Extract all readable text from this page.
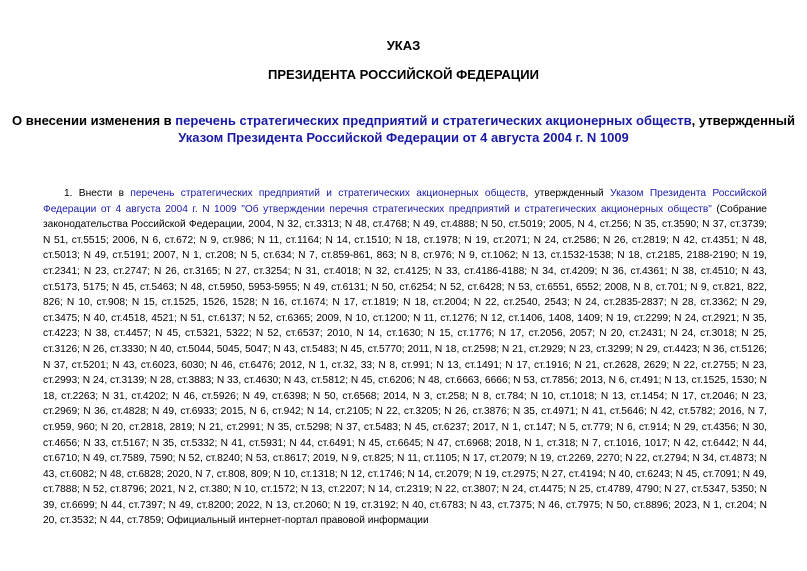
УКАЗ

ПРЕЗИДЕНТА РОССИЙСКОЙ ФЕДЕРАЦИИ

О внесении изменения в перечень стратегических предприятий и стратегических акционерных обществ, утвержденный
Указом Президента Российской Федерации от 4 августа 2004 г. N 1009

1. Внести в перечень стратегических предприятий и стратегических акционерных обществ, утвержденный Указом Президента Российской Федерации от 4 августа 2004 г. N 1009 "Об утверждении перечня стратегических предприятий и стратегических акционерных обществ" (Собрание законодательства Российской Федерации, 2004, N 32, ст.3313; N 48, ст.4768; N 49, ст.4888; N 50, ст.5019; 2005, N 4, ст.256; N 35, ст.3590; N 37, ст.3739; N 51, ст.5515; 2006, N 6, ст.672; N 9, ст.986; N 11, ст.1164; N 14, ст.1510; N 18, ст.1978; N 19, ст.2071; N 24, ст.2586; N 26, ст.2819; N 42, ст.4351; N 48, ст.5013; N 49, ст.5191; 2007, N 1, ст.208; N 5, ст.634; N 7, ст.859-861, 863; N 8, ст.976; N 9, ст.1062; N 13, ст.1532-1538; N 18, ст.2185, 2188-2190; N 19, ст.2341; N 23, ст.2747; N 26, ст.3165; N 27, ст.3254; N 31, ст.4018; N 32, ст.4125; N 33, ст.4186-4188; N 34, ст.4209; N 36, ст.4361; N 38, ст.4510; N 43, ст.5173, 5175; N 45, ст.5463; N 48, ст.5950, 5953-5955; N 49, ст.6131; N 50, ст.6254; N 52, ст.6428; N 53, ст.6551, 6552; 2008, N 8, ст.701; N 9, ст.821, 822, 826; N 10, ст.908; N 15, ст.1525, 1526, 1528; N 16, ст.1674; N 17, ст.1819; N 18, ст.2004; N 22, ст.2540, 2543; N 24, ст.2835-2837; N 28, ст.3362; N 29, ст.3475; N 40, ст.4518, 4521; N 51, ст.6137; N 52, ст.6365; 2009, N 10, ст.1200; N 11, ст.1276; N 12, ст.1406, 1408, 1409; N 19, ст.2299; N 24, ст.2921; N 35, ст.4223; N 38, ст.4457; N 45, ст.5321, 5322; N 52, ст.6537; 2010, N 14, ст.1630; N 15, ст.1776; N 17, ст.2056, 2057; N 20, ст.2431; N 24, ст.3018; N 25, ст.3126; N 26, ст.3330; N 40, ст.5044, 5045, 5047; N 43, ст.5483; N 45, ст.5770; 2011, N 18, ст.2598; N 21, ст.2929; N 23, ст.3299; N 29, ст.4423; N 36, ст.5126; N 37, ст.5201; N 43, ст.6023, 6030; N 46, ст.6476; 2012, N 1, ст.32, 33; N 8, ст.991; N 13, ст.1491; N 17, ст.1916; N 21, ст.2628, 2629; N 22, ст.2755; N 23, ст.2993; N 24, ст.3139; N 28, ст.3883; N 33, ст.4630; N 43, ст.5812; N 45, ст.6206; N 48, ст.6663, 6666; N 53, ст.7856; 2013, N 6, ст.491; N 13, ст.1525, 1530; N 18, ст.2263; N 31, ст.4202; N 46, ст.5926; N 49, ст.6398; N 50, ст.6568; 2014, N 3, ст.258; N 8, ст.784; N 10, ст.1018; N 13, ст.1454; N 17, ст.2046; N 23, ст.2969; N 36, ст.4828; N 49, ст.6933; 2015, N 6, ст.942; N 14, ст.2105; N 22, ст.3205; N 26, ст.3876; N 35, ст.4971; N 41, ст.5646; N 42, ст.5782; 2016, N 7, ст.959, 960; N 20, ст.2818, 2819; N 21, ст.2991; N 35, ст.5298; N 37, ст.5483; N 45, ст.6237; 2017, N 1, ст.147; N 5, ст.779; N 6, ст.914; N 29, ст.4356; N 30, ст.4656; N 33, ст.5167; N 35, ст.5332; N 41, ст.5931; N 44, ст.6491; N 45, ст.6645; N 47, ст.6968; 2018, N 1, ст.318; N 7, ст.1016, 1017; N 42, ст.6442; N 44, ст.6710; N 49, ст.7589, 7590; N 52, ст.8240; N 53, ст.8617; 2019, N 9, ст.825; N 11, ст.1105; N 17, ст.2079; N 19, ст.2269, 2270; N 22, ст.2794; N 34, ст.4873; N 43, ст.6082; N 48, ст.6828; 2020, N 7, ст.808, 809; N 10, ст.1318; N 12, ст.1746; N 14, ст.2079; N 19, ст.2975; N 27, ст.4194; N 40, ст.6243; N 45, ст.7091; N 49, ст.7888; N 52, ст.8796; 2021, N 2, ст.380; N 10, ст.1572; N 13, ст.2207; N 14, ст.2319; N 22, ст.3807; N 24, ст.4475; N 25, ст.4789, 4790; N 27, ст.5347, 5350; N 39, ст.6699; N 44, ст.7397; N 49, ст.8200; 2022, N 13, ст.2060; N 19, ст.3192; N 40, ст.6783; N 43, ст.7375; N 46, ст.7975; N 50, ст.8896; 2023, N 1, ст.204; N 20, ст.3532; N 44, ст.7859; Официальный интернет-портал правовой информации
